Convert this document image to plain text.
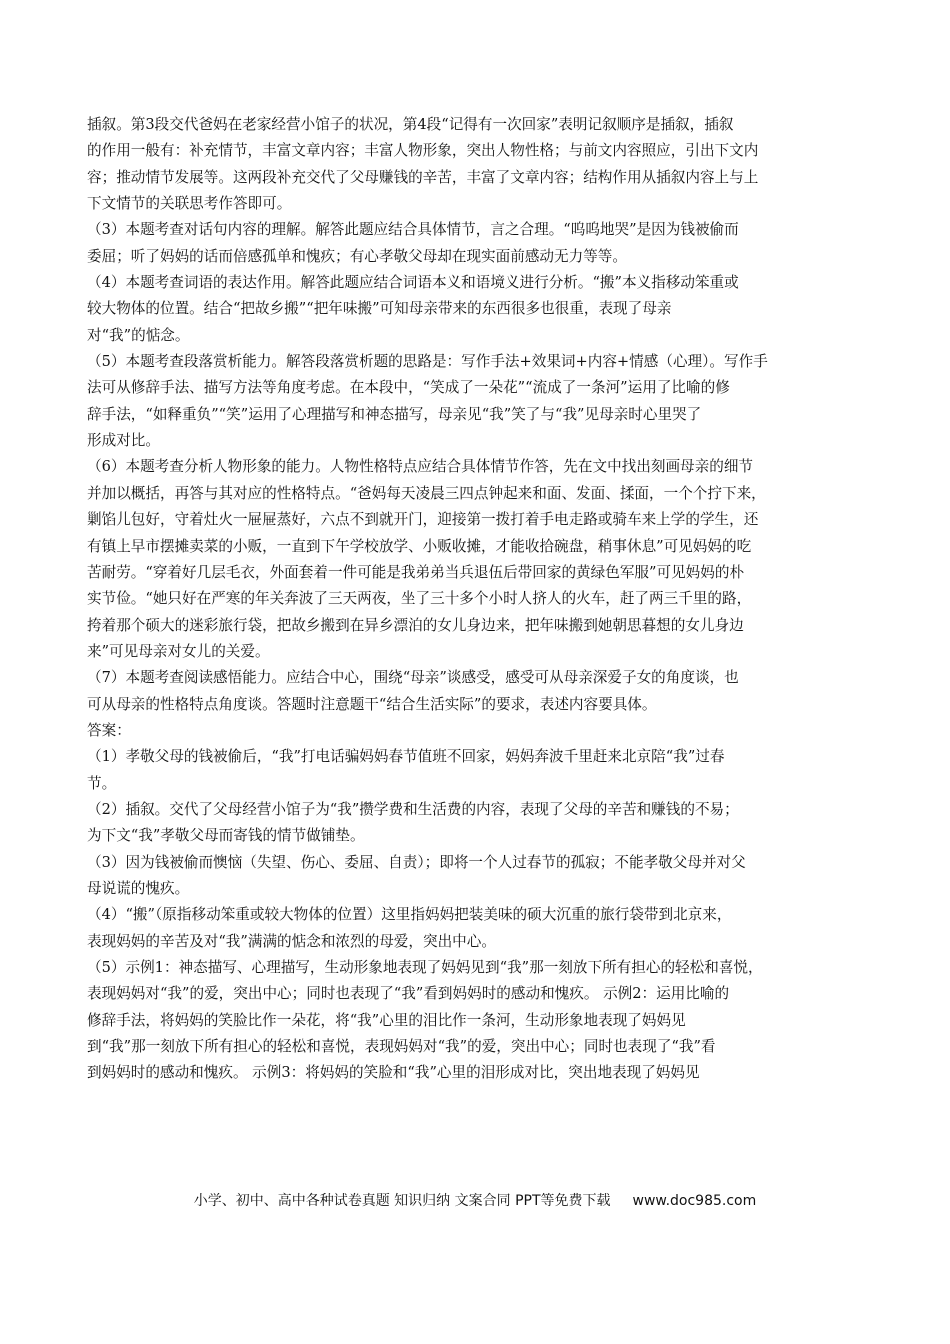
插叙。第3段交代爸妈在老家经营小馆子的状况，第4段“记得有一次回家”表明记叙顺序是插叙，插叙
的作用一般有：补充情节，丰富文章内容；丰富人物形象，突出人物性格；与前文内容照应，引出下文内
容；推动情节发展等。这两段补充交代了父母赚钱的辛苦，丰富了文章内容；结构作用从插叙内容上与上
下文情节的关联思考作答即可。
（3）本题考查对话句内容的理解。解答此题应结合具体情节，言之合理。“呜呜地哭”是因为钱被偷而
委屈；听了妈妈的话而倍感孤单和愧疚；有心孝敬父母却在现实面前感动无力等等。
（4）本题考查词语的表达作用。解答此题应结合词语本义和语境义进行分析。“搬”本义指移动笨重或
较大物体的位置。结合“把故乡搬”“把年味搬”可知母亲带来的东西很多也很重，表现了母亲
对“我”的惦念。
（5）本题考查段落赏析能力。解答段落赏析题的思路是：写作手法+效果词+内容+情感（心理）。写作手
法可从修辞手法、描写方法等角度考虑。在本段中，“笑成了一朵花”“流成了一条河”运用了比喻的修
辞手法，“如释重负”“笑”运用了心理描写和神态描写，母亲见“我”笑了与“我”见母亲时心里哭了
形成对比。
（6）本题考查分析人物形象的能力。人物性格特点应结合具体情节作答，先在文中找出刻画母亲的细节
并加以概括，再答与其对应的性格特点。“爸妈每天凌晨三四点钟起来和面、发面、揉面，一个个拧下来，
剿馅儿包好，守着灶火一屉屉蒸好，六点不到就开门，迎接第一拨打着手电走路或骑车来上学的学生，还
有镇上早市摆摊卖菜的小贩，一直到下午学校放学、小贩收摊，才能收拾碗盘，稍事休息”可见妈妈的吃
苦耐劳。“穿着好几层毛衣，外面套着一件可能是我弟弟当兵退伍后带回家的黄绿色军服”可见妈妈的朴
实节俭。“她只好在严寒的年关奔波了三天两夜，坐了三十多个小时人挤人的火车，赶了两三千里的路，
挎着那个硕大的迷彩旅行袋，把故乡搬到在异乡漂泊的女儿身边来，把年味搬到她朝思暮想的女儿身边
来”可见母亲对女儿的关爱。
（7）本题考查阅读感悟能力。应结合中心，围绕“母亲”谈感受，感受可从母亲深爱子女的角度谈，也
可从母亲的性格特点角度谈。答题时注意题干“结合生活实际”的要求，表述内容要具体。
答案：
（1）孝敬父母的钱被偷后，“我”打电话骗妈妈春节值班不回家，妈妈奔波千里赶来北京陪“我”过春
节。
（2）插叙。交代了父母经营小馆子为“我”攒学费和生活费的内容，表现了父母的辛苦和赚钱的不易；
为下文“我”孝敬父母而寄钱的情节做铺垫。
（3）因为钱被偷而懊恼（失望、伤心、委屈、自责）；即将一个人过春节的孤寂；不能孝敬父母并对父
母说谎的愧疚。
（4）“搬”（原指移动笨重或较大物体的位置）这里指妈妈把装美味的硕大沉重的旅行袋带到北京来，
表现妈妈的辛苦及对“我”满满的惦念和浓烈的母爱，突出中心。
（5）示例1：神态描写、心理描写，生动形象地表现了妈妈见到“我”那一刻放下所有担心的轻松和喜悦，
表现妈妈对“我”的爱，突出中心；同时也表现了“我”看到妈妈时的感动和愧疚。 示例2：运用比喻的
修辞手法，将妈妈的笑脸比作一朵花，将“我”心里的泪比作一条河，生动形象地表现了妈妈见
到“我”那一刻放下所有担心的轻松和喜悦，表现妈妈对“我”的爱，突出中心；同时也表现了“我”看
到妈妈时的感动和愧疚。 示例3：将妈妈的笑脸和“我”心里的泪形成对比，突出地表现了妈妈见
小学、初中、高中各种试卷真题 知识归纳 文案合同 PPT等免费下载 www.doc985.com
